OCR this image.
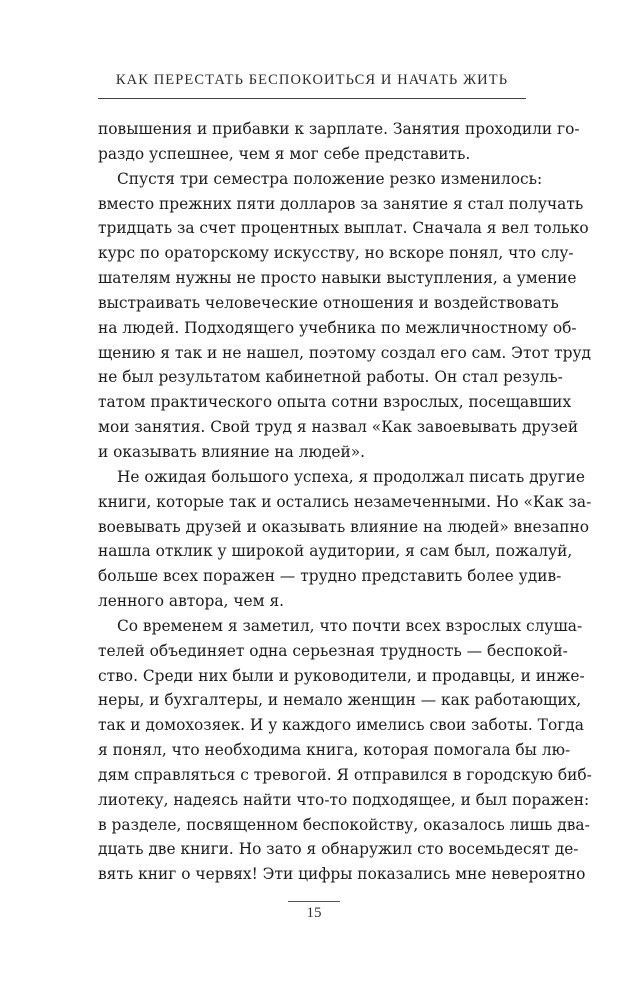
КАК ПЕРЕСТАТЬ БЕСПОКОИТЬСЯ И НАЧАТЬ ЖИТЬ
повышения и прибавки к зарплате. Занятия проходили го-
раздо успешнее, чем я мог себе представить.
Спустя три семестра положение резко изменилось:
вместо прежних пяти долларов за занятие я стал получать
тридцать за счет процентных выплат. Сначала я вел только
курс по ораторскому искусству, но вскоре понял, что слу-
шателям нужны не просто навыки выступления, а умение
выстраивать человеческие отношения и воздействовать
на людей. Подходящего учебника по межличностному об-
щению я так и не нашел, поэтому создал его сам. Этот труд
не был результатом кабинетной работы. Он стал резуль-
татом практического опыта сотни взрослых, посещавших
мои занятия. Свой труд я назвал «Как завоевывать друзей
и оказывать влияние на людей».
Не ожидая большого успеха, я продолжал писать другие
книги, которые так и остались незамеченными. Но «Как за-
воевывать друзей и оказывать влияние на людей» внезапно
нашла отклик у широкой аудитории, я сам был, пожалуй,
больше всех поражен — трудно представить более удив-
ленного автора, чем я.
Со временем я заметил, что почти всех взрослых слуша-
телей объединяет одна серьезная трудность — беспокой-
ство. Среди них были и руководители, и продавцы, и инже-
неры, и бухгалтеры, и немало женщин — как работающих,
так и домохозяек. И у каждого имелись свои заботы. Тогда
я понял, что необходима книга, которая помогала бы лю-
дям справляться с тревогой. Я отправился в городскую биб-
лиотеку, надеясь найти что-то подходящее, и был поражен:
в разделе, посвященном беспокойству, оказалось лишь два-
дцать две книги. Но зато я обнаружил сто восемьдесят де-
вять книг о червях! Эти цифры показались мне невероятно
15
